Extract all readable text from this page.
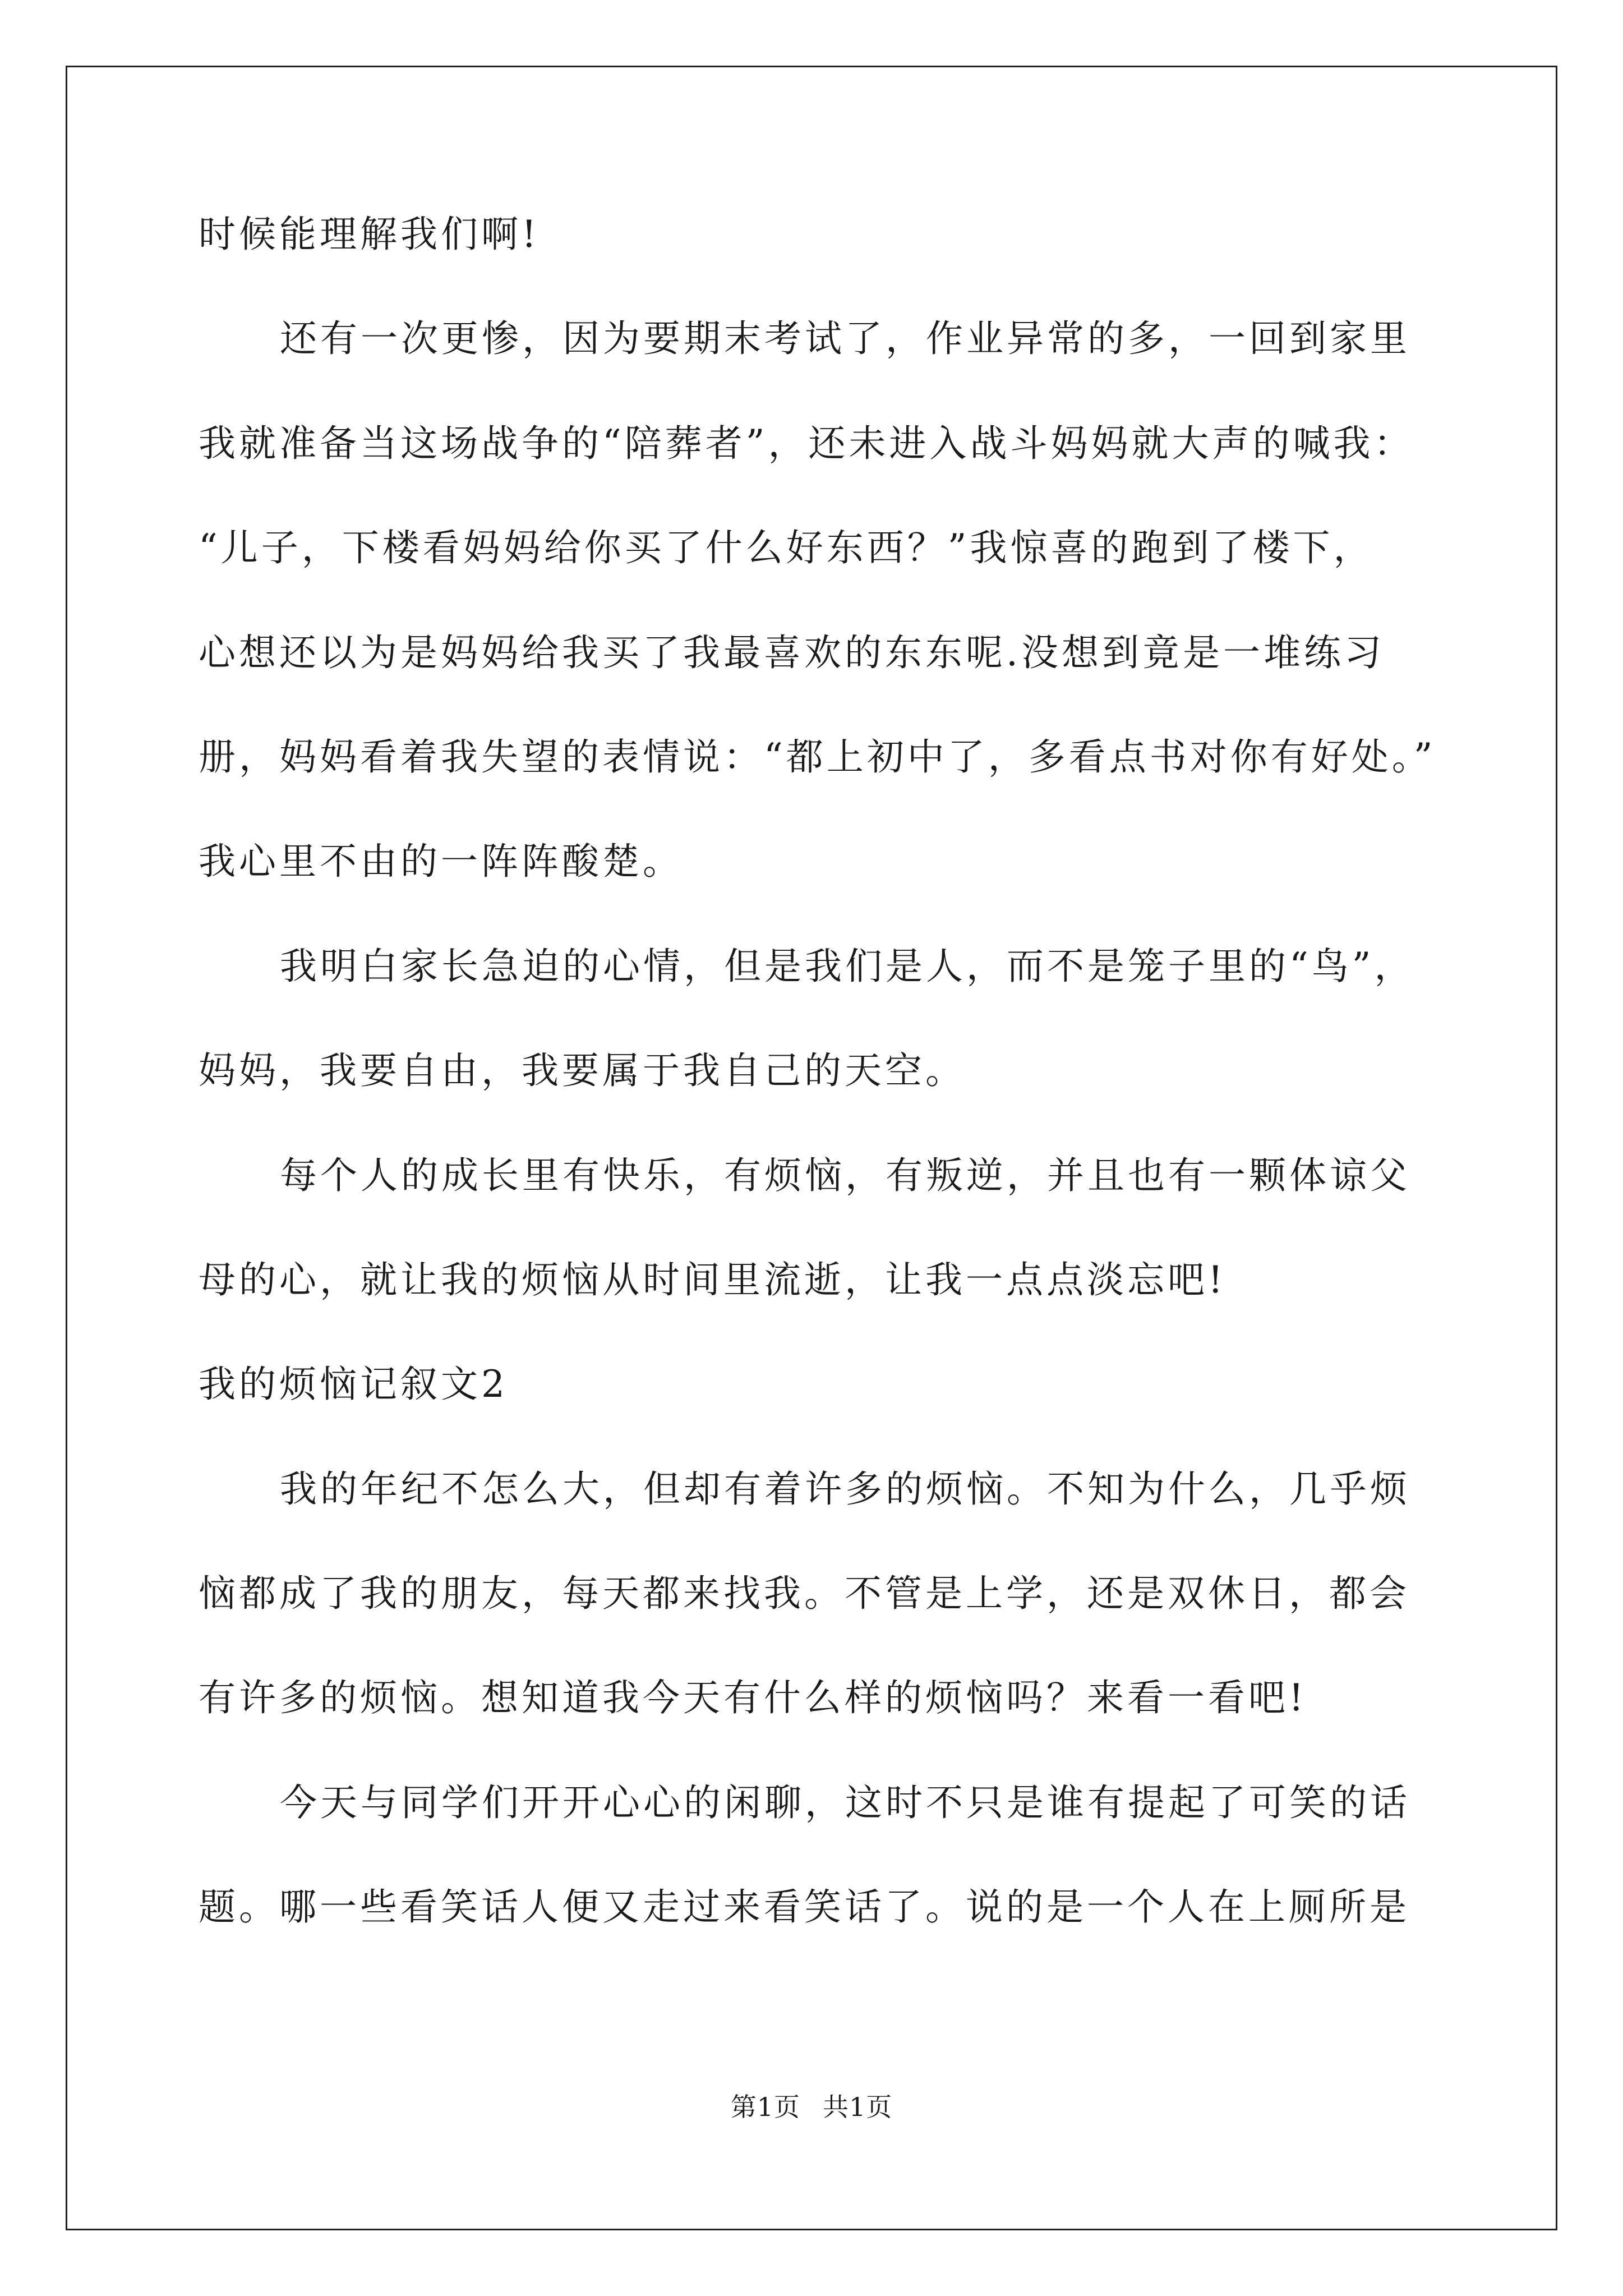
时候能理解我们啊!
还有一次更惨，因为要期末考试了，作业异常的多，一回到家里
我就准备当这场战争的“陪葬者”，还未进入战斗妈妈就大声的喊我：
“儿子，下楼看妈妈给你买了什么好东西？”我惊喜的跑到了楼下，
心想还以为是妈妈给我买了我最喜欢的东东呢.没想到竟是一堆练习
册，妈妈看着我失望的表情说：“都上初中了，多看点书对你有好处。”
我心里不由的一阵阵酸楚。
我明白家长急迫的心情，但是我们是人，而不是笼子里的“鸟”，
妈妈，我要自由，我要属于我自己的天空。
每个人的成长里有快乐，有烦恼，有叛逆，并且也有一颗体谅父
母的心，就让我的烦恼从时间里流逝，让我一点点淡忘吧!
我的烦恼记叙文2
我的年纪不怎么大，但却有着许多的烦恼。不知为什么，几乎烦
恼都成了我的朋友，每天都来找我。不管是上学，还是双休日，都会
有许多的烦恼。想知道我今天有什么样的烦恼吗？来看一看吧!
今天与同学们开开心心的闲聊，这时不只是谁有提起了可笑的话
题。哪一些看笑话人便又走过来看笑话了。说的是一个人在上厕所是
第1页 共1页
